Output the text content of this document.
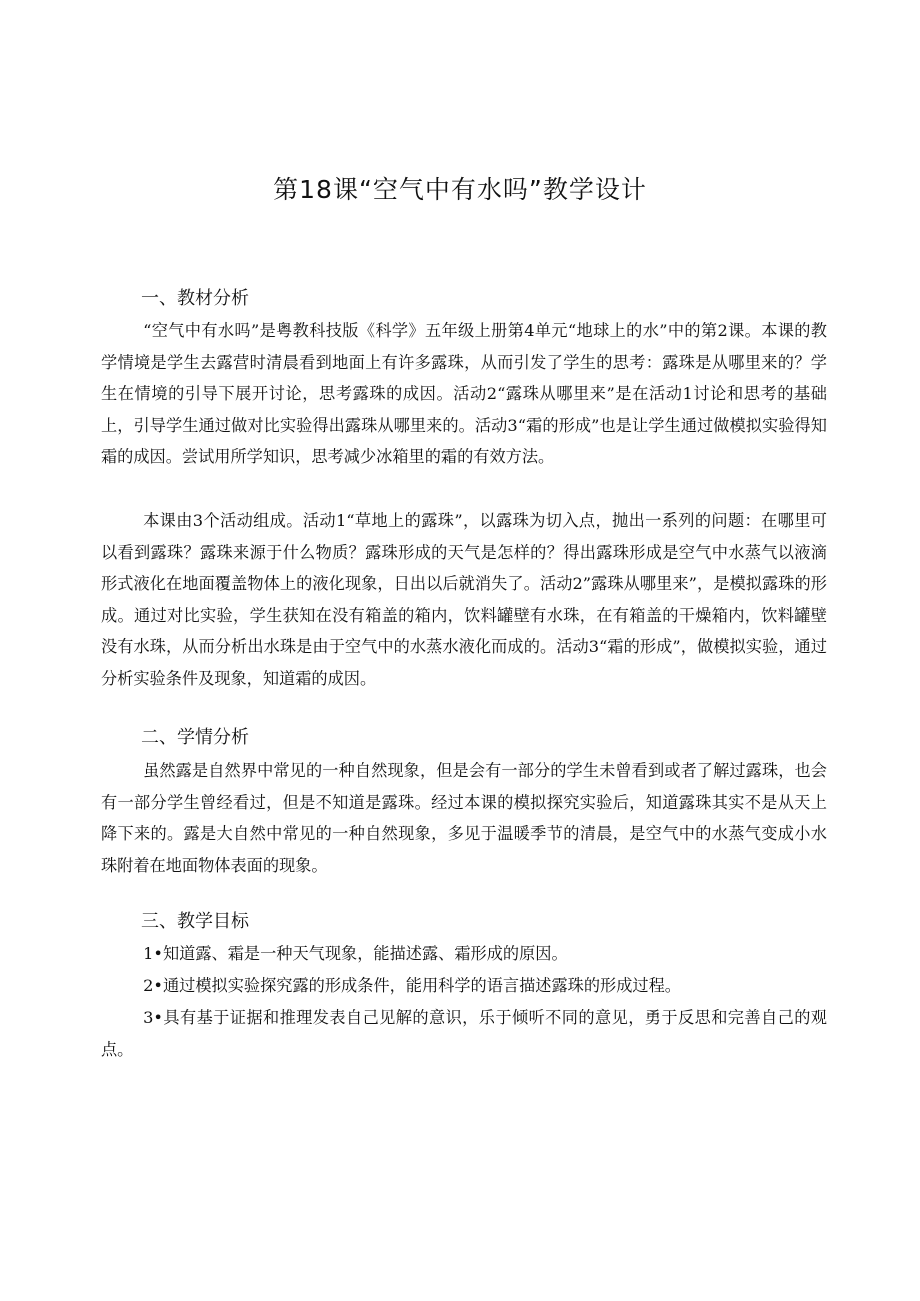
第18课“空气中有水吗”教学设计
一、教材分析

“空气中有水吗”是粤教科技版《科学》五年级上册第4单元“地球上的水”中的第2课。本课的教学情境是学生去露营时清晨看到地面上有许多露珠，从而引发了学生的思考：露珠是从哪里来的？学生在情境的引导下展开讨论，思考露珠的成因。活动2“露珠从哪里来”是在活动1讨论和思考的基础上，引导学生通过做对比实验得出露珠从哪里来的。活动3“霜的形成”也是让学生通过做模拟实验得知霜的成因。尝试用所学知识，思考减少冰箱里的霜的有效方法。

本课由3个活动组成。活动1“草地上的露珠”，以露珠为切入点，抛出一系列的问题：在哪里可以看到露珠？露珠来源于什么物质？露珠形成的天气是怎样的？得出露珠形成是空气中水蒸气以液滴形式液化在地面覆盖物体上的液化现象，日出以后就消失了。活动2”露珠从哪里来”，是模拟露珠的形成。通过对比实验，学生获知在没有箱盖的箱内，饮料罐壁有水珠，在有箱盖的干燥箱内，饮料罐壁没有水珠，从而分析出水珠是由于空气中的水蒸水液化而成的。活动3“霜的形成”，做模拟实验，通过分析实验条件及现象，知道霜的成因。

二、学情分析

虽然露是自然界中常见的一种自然现象，但是会有一部分的学生未曾看到或者了解过露珠，也会有一部分学生曾经看过，但是不知道是露珠。经过本课的模拟探究实验后，知道露珠其实不是从天上降下来的。露是大自然中常见的一种自然现象，多见于温暖季节的清晨，是空气中的水蒸气变成小水珠附着在地面物体表面的现象。

三、教学目标

1•知道露、霜是一种天气现象，能描述露、霜形成的原因。

2•通过模拟实验探究露的形成条件，能用科学的语言描述露珠的形成过程。

3•具有基于证据和推理发表自己见解的意识，乐于倾听不同的意见，勇于反思和完善自己的观点。
